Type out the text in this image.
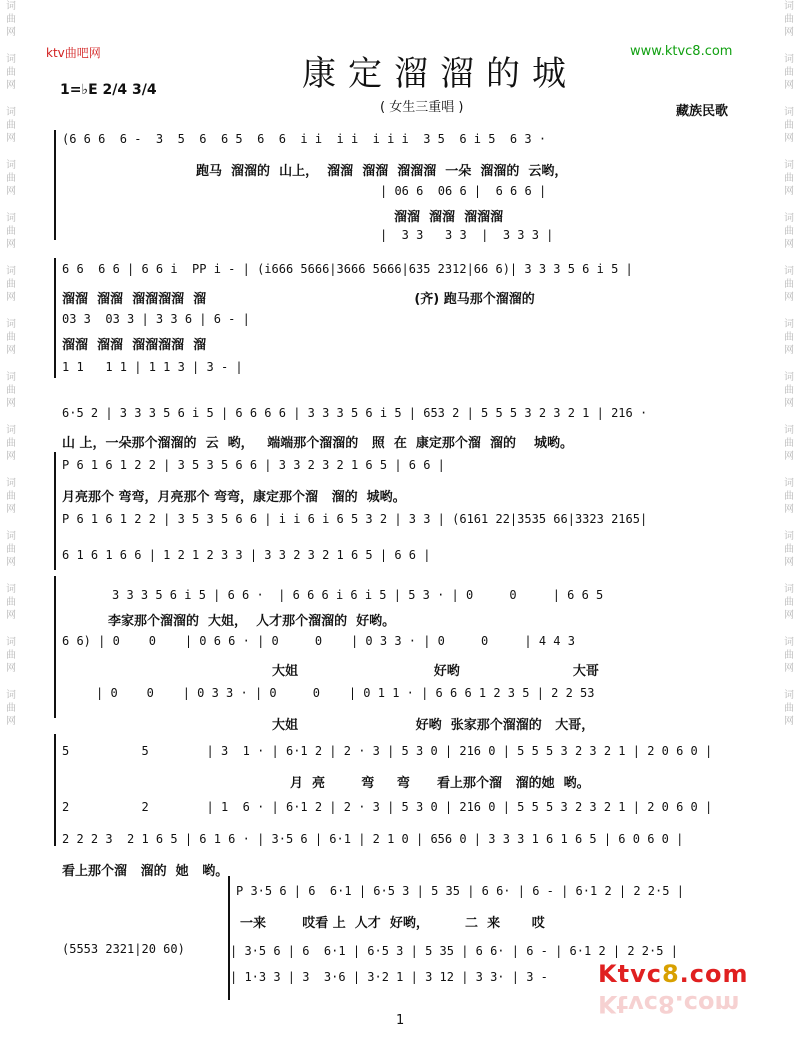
词
曲
网
词
曲
网
词
曲
网
词
曲
网
词
曲
网
词
曲
网
词
曲
网
词
曲
网
词
曲
网
词
曲
网
词
曲
网
词
曲
网
词
曲
网
词
曲
网
词
曲
网
词
曲
网
词
曲
网
词
曲
网
词
曲
网
词
曲
网
词
曲
网
词
曲
网
词
曲
网
词
曲
网
词
曲
网
词
曲
网
词
曲
网
词
曲
网
ktv曲吧网
康定溜溜的城
www.ktvc8.com
1=♭E 2/4 3/4
( 女生三重唱 )	藏族民歌
(6 6 6  6 -  3  5  6  6 5  6  6  i i  i i  i i i  3 5  6 i 5  6 3 ·
跑马  溜溜的  山上，  溜溜  溜溜  溜溜溜  一朵  溜溜的  云哟，
| 06 6  06 6 |  6 6 6 |
溜溜  溜溜  溜溜溜
|  3 3   3 3  |  3 3 3 |
6 6  6 6 | 6 6 i  PP i - | (i666 5666|3666 5666|635 2312|66 6)| 3 3 3 5 6 i 5 |
溜溜  溜溜  溜溜溜溜  溜                                              (齐) 跑马那个溜溜的
03 3  03 3 | 3 3 6 | 6 - |
溜溜  溜溜  溜溜溜溜  溜
1 1   1 1 | 1 1 3 | 3 - |
6·5 2 | 3 3 3 5 6 i 5 | 6 6 6 6 | 3 3 3 5 6 i 5 | 653 2 | 5 5 5 3 2 3 2 1 | 216 ·
山 上，一朵那个溜溜的  云  哟，   端端那个溜溜的   照  在  康定那个溜  溜的    城哟。
P 6 1 6 1 2 2 | 3 5 3 5 6 6 | 3 3 2 3 2 1 6 5 | 6 6 |
月亮那个 弯弯，月亮那个 弯弯，康定那个溜   溜的  城哟。
P 6 1 6 1 2 2 | 3 5 3 5 6 6 | i i 6 i 6 5 3 2 | 3 3 | (6161 22|3535 66|3323 2165|
6 1 6 1 6 6 | 1 2 1 2 3 3 | 3 3 2 3 2 1 6 5 | 6 6 |
3 3 3 5 6 i 5 | 6 6 ·  | 6 6 6 i 6 i 5 | 5 3 · | 0     0     | 6 6 5
李家那个溜溜的  大姐，  人才那个溜溜的  好哟。
6 6) | 0    0    | 0 6 6 · | 0     0    | 0 3 3 · | 0     0     | 4 4 3
大姐                              好哟                         大哥
| 0    0    | 0 3 3 · | 0     0    | 0 1 1 · | 6 6 6 1 2 3 5 | 2 2 53
大姐                          好哟  张家那个溜溜的   大哥，
5          5        | 3  1 · | 6·1 2 | 2 · 3 | 5 3 0 | 216 0 | 5 5 5 3 2 3 2 1 | 2 0 6 0 |
月  亮        弯     弯      看上那个溜   溜的她  哟。
2          2        | 1  6 · | 6·1 2 | 2 · 3 | 5 3 0 | 216 0 | 5 5 5 3 2 3 2 1 | 2 0 6 0 |
2 2 2 3  2 1 6 5 | 6 1 6 · | 3·5 6 | 6·1 | 2 1 0 | 656 0 | 3 3 3 1 6 1 6 5 | 6 0 6 0 |
看上那个溜   溜的  她   哟。
P 3·5 6 | 6  6·1 | 6·5 3 | 5 35 | 6 6· | 6 - | 6·1 2 | 2 2·5 |
一来        哎看 上  人才  好哟，        二  来       哎
(5553 2321|20 60)	| 3·5 6 | 6  6·1 | 6·5 3 | 5 35 | 6 6· | 6 - | 6·1 2 | 2 2·5 |
| 1·3 3 | 3  3·6 | 3·2 1 | 3 12 | 3 3· | 3 - Ktvc8.com
Ktvc8.com
1
